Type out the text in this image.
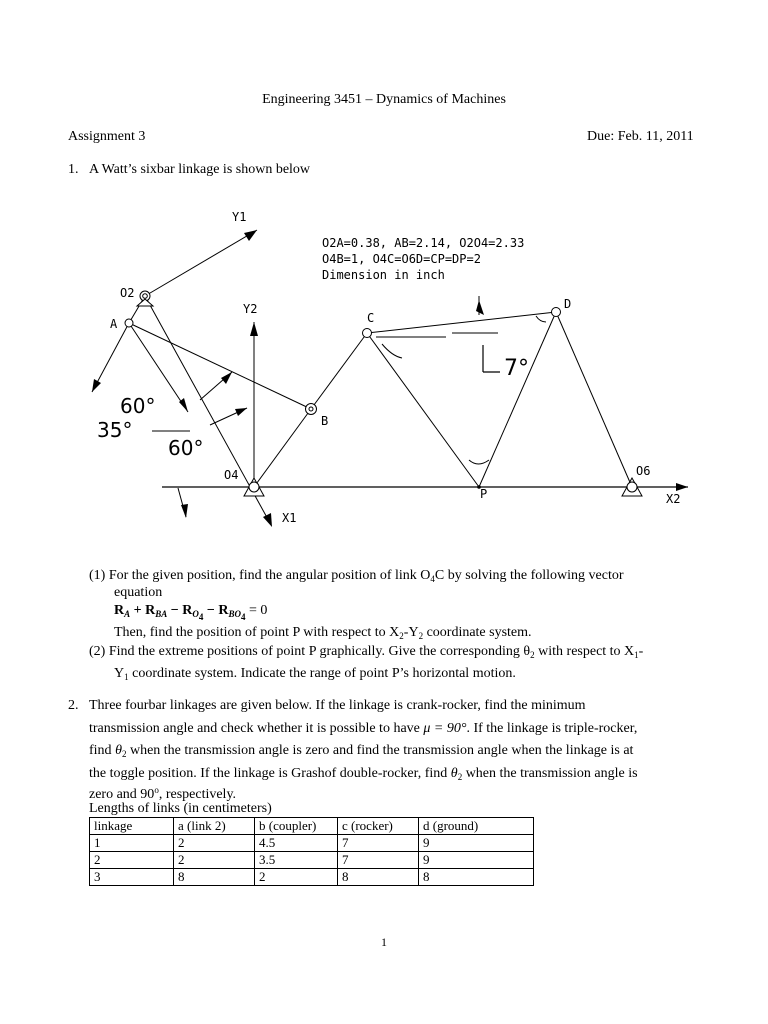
Engineering 3451 – Dynamics of Machines
Assignment 3	Due: Feb. 11, 2011
1. A Watt’s sixbar linkage is shown below
Y1
Y2
X1
X2
O2
A
B
C
D
P
O4	O6
O2A=0.38, AB=2.14, O2O4=2.33
O4B=1, O4C=O6D=CP=DP=2
Dimension in inch
60°
35°
60°
7°
(1) For the given position, find the angular position of link $O_4C$ by solving the following vector
equation
$R_A + R_{BA} - R_{O_4} - R_{BO_4} = 0$
Then, find the position of point P with respect to $X_2-Y_2$ coordinate system.
(2) Find the extreme positions of point P graphically. Give the corresponding $\theta_2$ with respect to $X_1-$
$Y_1$ coordinate system. Indicate the range of point P’s horizontal motion.
2. Three fourbar linkages are given below. If the linkage is crank-rocker, find the minimum
transmission angle and check whether it is possible to have μ = 90°. If the linkage is triple-rocker,
find $\theta_2$ when the transmission angle is zero and find the transmission angle when the linkage is at
the toggle position. If the linkage is Grashof double-rocker, find $\theta_2$ when the transmission angle is
zero and 90$^o$, respectively.
Lengths of links (in centimeters)
linkage	a (link 2)	b (coupler)	c (rocker)	d (ground)
1	2	4.5	7	9
2	2	3.5	7	9
3	8	2	8	8
1
